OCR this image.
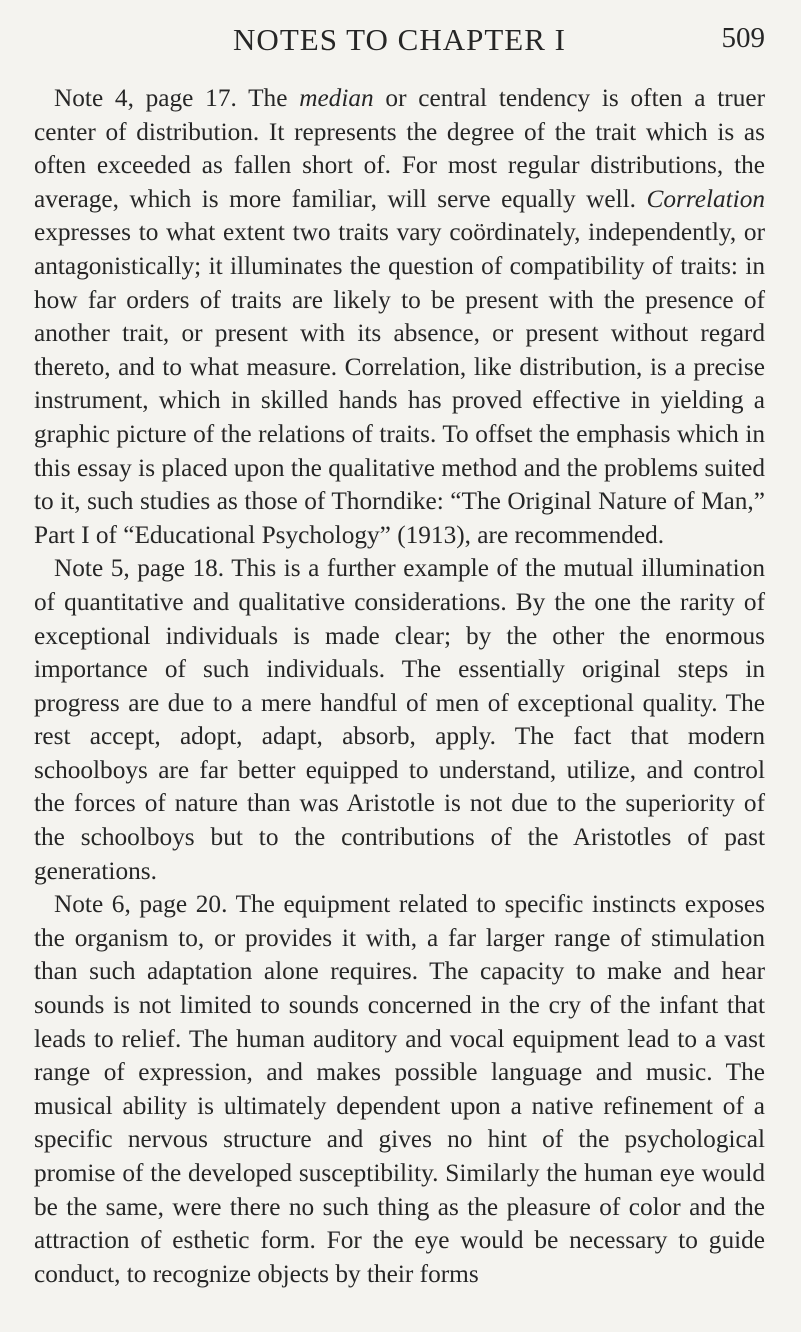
NOTES TO CHAPTER I	509

Note 4, page 17. The median or central tendency is often a truer center of distribution. It represents the degree of the trait which is as often exceeded as fallen short of. For most regular distributions, the average, which is more familiar, will serve equally well. Correlation expresses to what extent two traits vary coördinately, independently, or antagonistically; it illuminates the question of compatibility of traits: in how far orders of traits are likely to be present with the presence of another trait, or present with its absence, or present without regard thereto, and to what measure. Correlation, like distribution, is a precise instrument, which in skilled hands has proved effective in yielding a graphic picture of the relations of traits. To offset the emphasis which in this essay is placed upon the qualitative method and the problems suited to it, such studies as those of Thorndike: “The Original Nature of Man,” Part I of “Educational Psychology” (1913), are recommended.

Note 5, page 18. This is a further example of the mutual illumination of quantitative and qualitative considerations. By the one the rarity of exceptional individuals is made clear; by the other the enormous importance of such individuals. The essentially original steps in progress are due to a mere handful of men of exceptional quality. The rest accept, adopt, adapt, absorb, apply. The fact that modern schoolboys are far better equipped to understand, utilize, and control the forces of nature than was Aristotle is not due to the superiority of the schoolboys but to the contributions of the Aristotles of past generations.

Note 6, page 20. The equipment related to specific instincts exposes the organism to, or provides it with, a far larger range of stimulation than such adaptation alone requires. The capacity to make and hear sounds is not limited to sounds concerned in the cry of the infant that leads to relief. The human auditory and vocal equipment lead to a vast range of expression, and makes possible language and music. The musical ability is ultimately dependent upon a native refinement of a specific nervous structure and gives no hint of the psychological promise of the developed susceptibility. Similarly the human eye would be the same, were there no such thing as the pleasure of color and the attraction of esthetic form. For the eye would be necessary to guide conduct, to recognize objects by their forms
